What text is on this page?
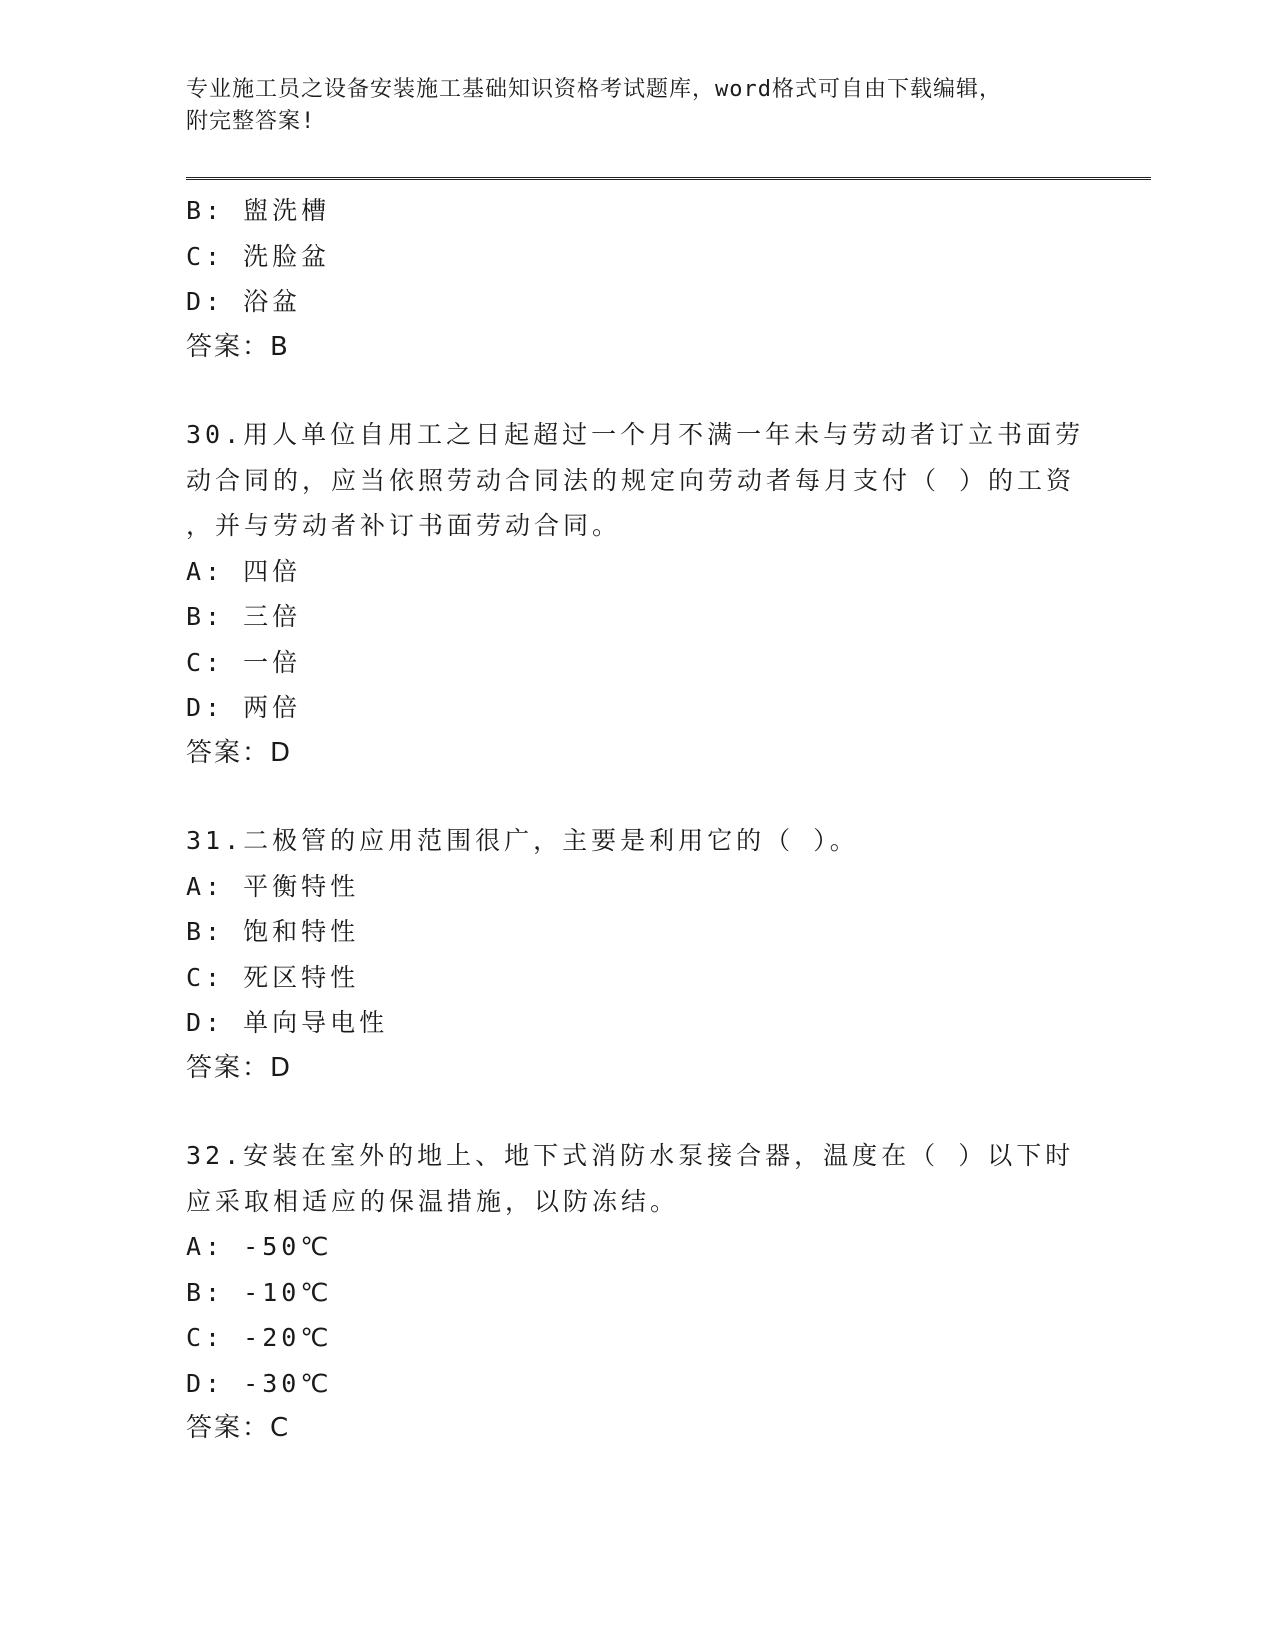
专业施工员之设备安装施工基础知识资格考试题库，word格式可自由下载编辑，
附完整答案!
B: 盥洗槽
C: 洗脸盆
D: 浴盆
答案：B
30.用人单位自用工之日起超过一个月不满一年未与劳动者订立书面劳
动合同的，应当依照劳动合同法的规定向劳动者每月支付（ ）的工资
，并与劳动者补订书面劳动合同。
A: 四倍
B: 三倍
C: 一倍
D: 两倍
答案：D
31.二极管的应用范围很广，主要是利用它的（ ）。
A: 平衡特性
B: 饱和特性
C: 死区特性
D: 单向导电性
答案：D
32.安装在室外的地上、地下式消防水泵接合器，温度在（ ）以下时
应采取相适应的保温措施，以防冻结。
A: -50℃
B: -10℃
C: -20℃
D: -30℃
答案：C
